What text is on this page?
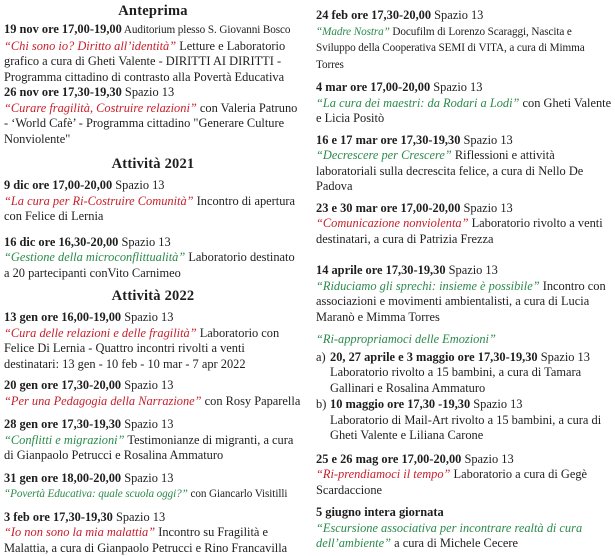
Anteprima

19 nov ore 17,00-19,00 Auditorium plesso S. Giovanni Bosco
“Chi sono io? Diritto all’identità” Letture e Laboratorio grafico a cura di Gheti Valente - DIRITTI AI DIRITTI - Programma cittadino di contrasto alla Povertà Educativa

26 nov ore 17,30-19,30 Spazio 13
“Curare fragilità, Costruire relazioni” con Valeria Patruno - ‘World Cafè’ - Programma cittadino "Generare Culture Nonviolente"

Attività 2021

9 dic ore 17,00-20,00 Spazio 13
“La cura per Ri-Costruire Comunità” Incontro di apertura con Felice di Lernia

16 dic ore 16,30-20,00 Spazio 13
“Gestione della microconflittualità” Laboratorio destinato a 20 partecipanti conVito Carnimeo

Attività 2022

13 gen ore 16,00-19,00 Spazio 13
“Cura delle relazioni e delle fragilità” Laboratorio con Felice Di Lernia - Quattro incontri rivolti a venti destinatari: 13 gen - 10 feb - 10 mar - 7 apr 2022

20 gen ore 17,30-20,00 Spazio 13
“Per una Pedagogia della Narrazione” con Rosy Paparella

28 gen ore 17,30-19,30 Spazio 13
“Conflitti e migrazioni” Testimonianze di migranti, a cura di Gianpaolo Petrucci e Rosalina Ammaturo

31 gen ore 18,00-20,00 Spazio 13
“Povertà Educativa: quale scuola oggi?” con Giancarlo Visitilli

3 feb ore 17,30-19,30 Spazio 13
“Io non sono la mia malattia” Incontro su Fragilità e Malattia, a cura di Gianpaolo Petrucci e Rino Francavilla

24 feb ore 17,30-20,00 Spazio 13
“Madre Nostra” Docufilm di Lorenzo Scaraggi, Nascita e Sviluppo della Cooperativa SEMI di VITA, a cura di Mimma Torres

4 mar ore 17,00-20,00 Spazio 13
“La cura dei maestri: da Rodari a Lodi” con Gheti Valente e Licia Positò

16 e 17 mar ore 17,30-19,30 Spazio 13
“Decrescere per Crescere” Riflessioni e attività laboratoriali sulla decrescita felice, a cura di Nello De Padova

23 e 30 mar ore 17,00-20,00 Spazio 13
“Comunicazione nonviolenta” Laboratorio rivolto a venti destinatari, a cura di Patrizia Frezza

14 aprile ore 17,30-19,30 Spazio 13
“Riduciamo gli sprechi: insieme è possibile” Incontro con associazioni e movimenti ambientalisti, a cura di Lucia Maranò e Mimma Torres

“Ri-appropriamoci delle Emozioni”

a) 20, 27 aprile e 3 maggio ore 17,30-19,30 Spazio 13 Laboratorio rivolto a 15 bambini, a cura di Tamara Gallinari e Rosalina Ammaturo
b) 10 maggio ore 17,30 -19,30 Spazio 13
Laboratorio di Mail-Art rivolto a 15 bambini, a cura di Gheti Valente e Liliana Carone

25 e 26 mag ore 17,00-20,00 Spazio 13
“Ri-prendiamoci il tempo” Laboratorio a cura di Gegè Scardaccione

5 giugno intera giornata
“Escursione associativa per incontrare realtà di cura dell’ambiente” a cura di Michele Cecere
